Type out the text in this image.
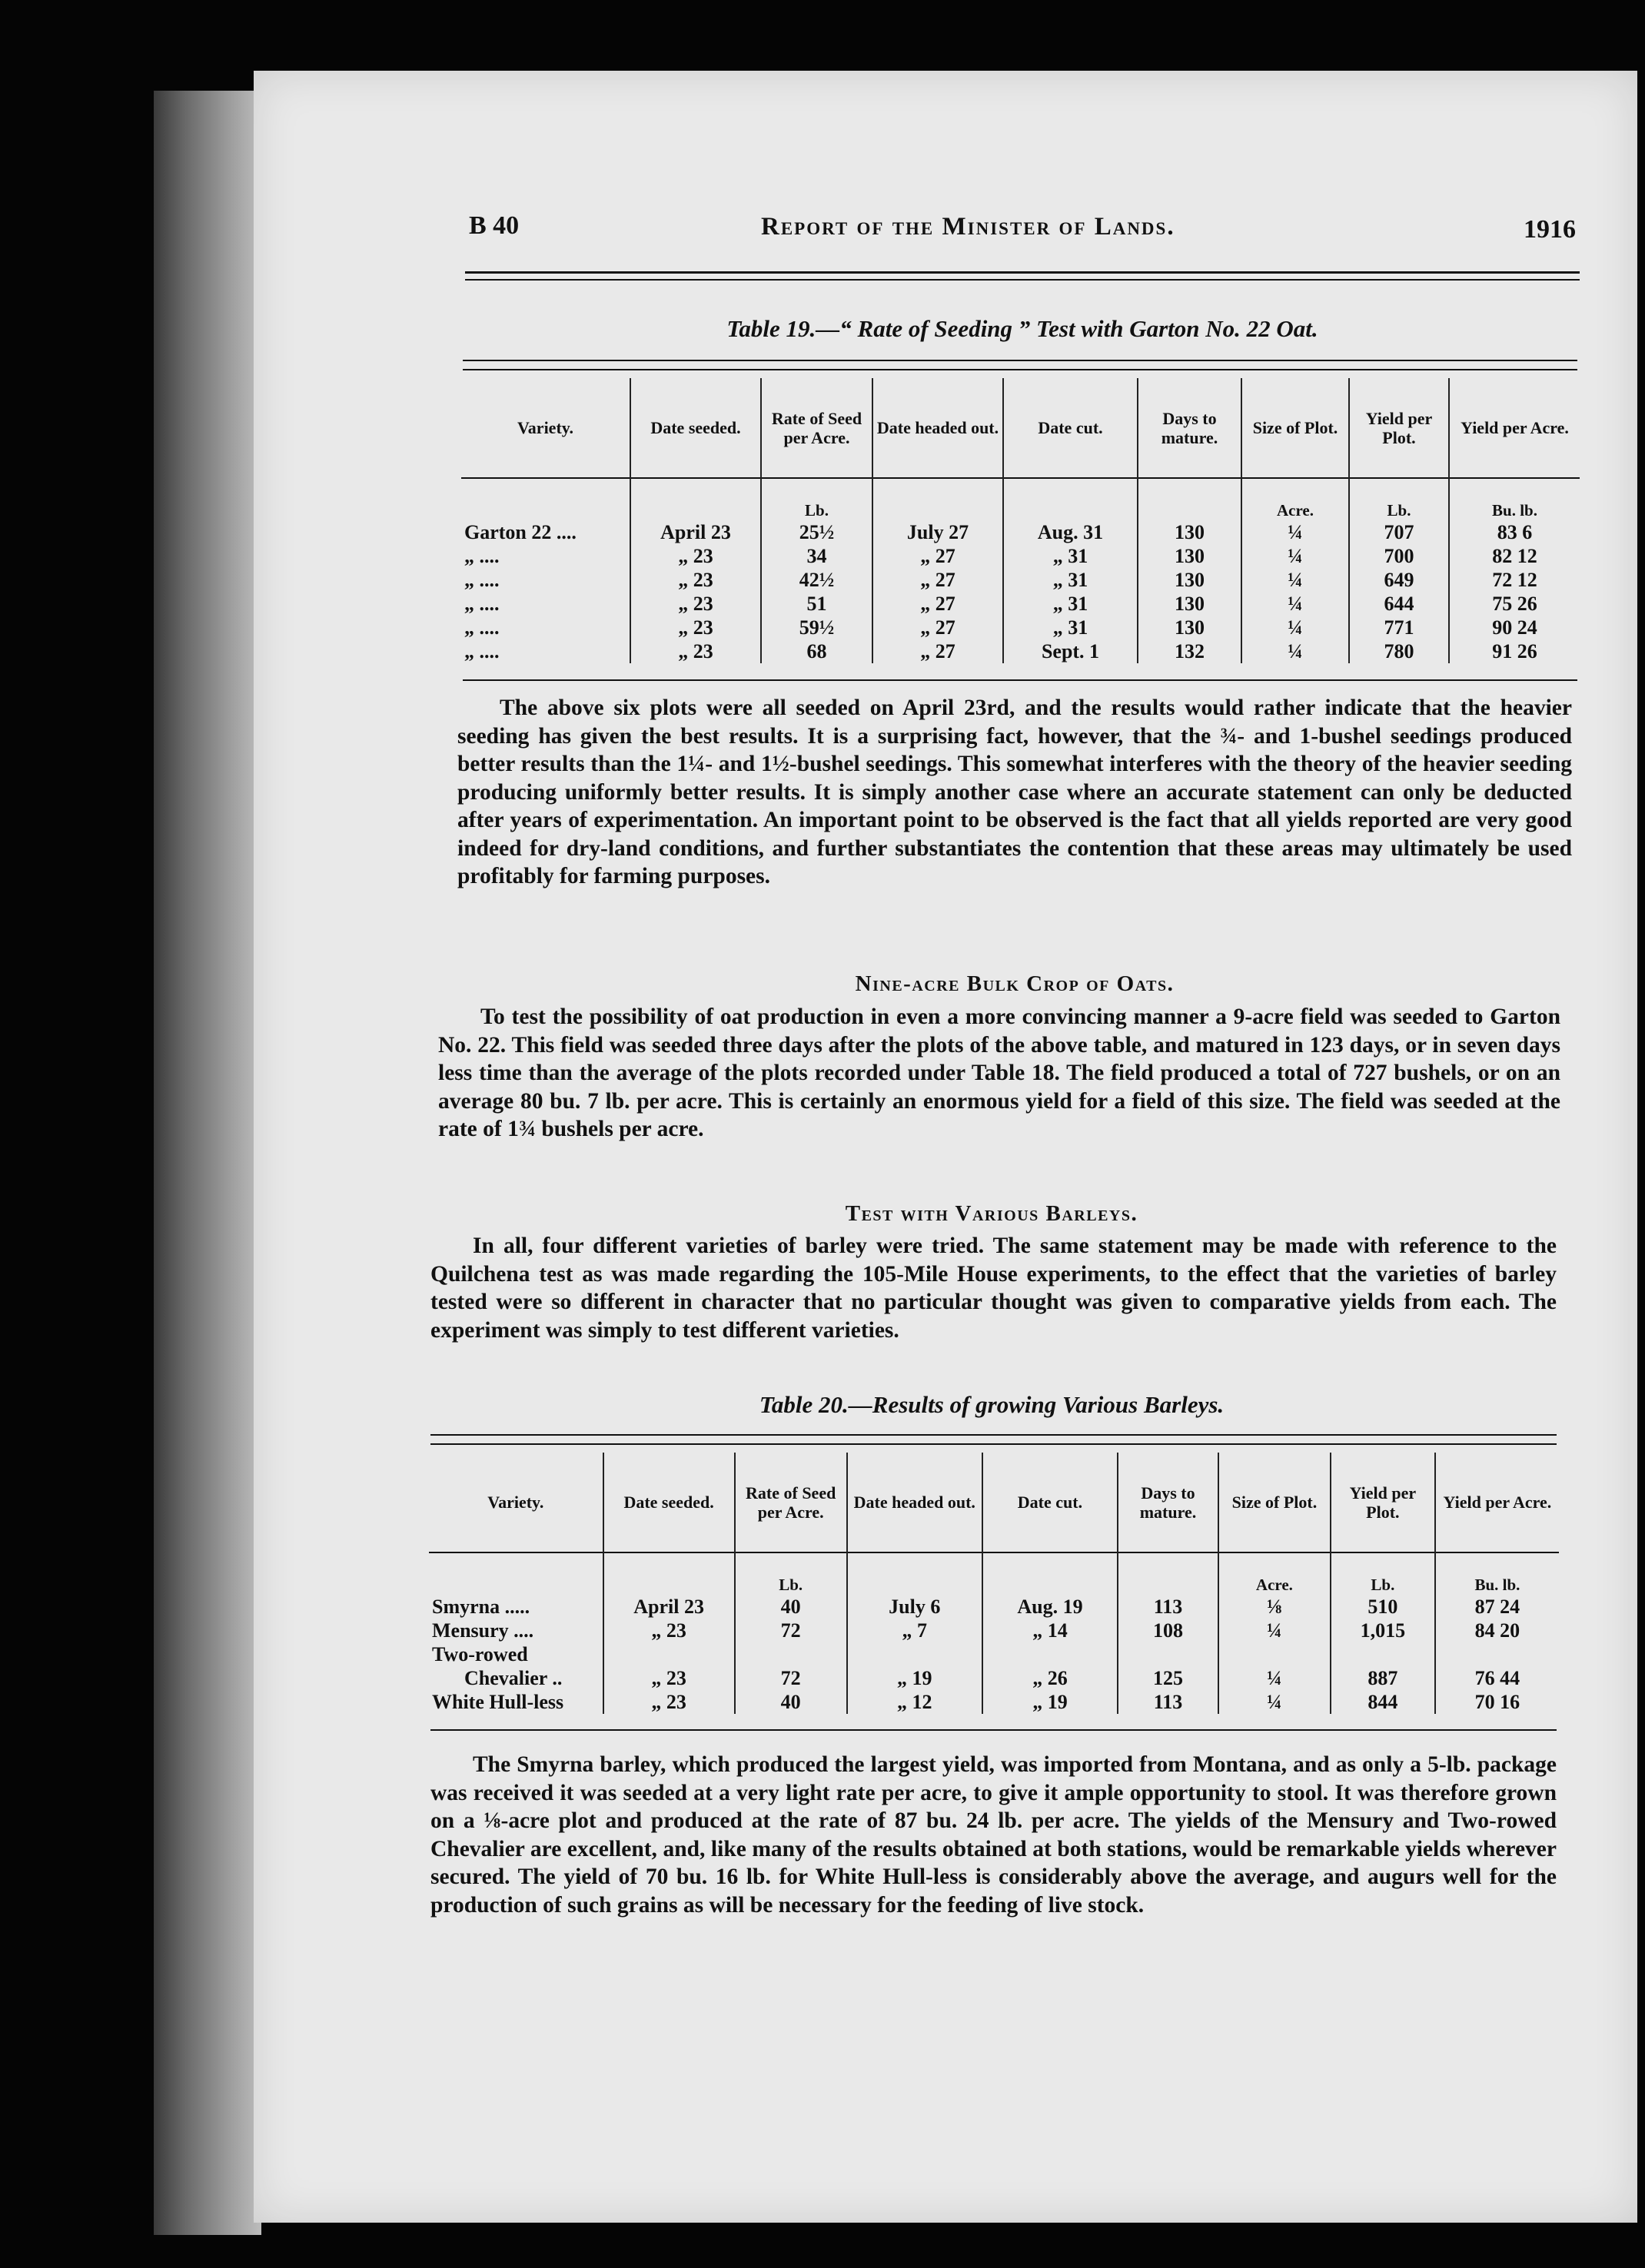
B 40	Report of the Minister of Lands.	1916
Table 19.—“ Rate of Seeding ” Test with Garton No. 22 Oat.
Variety.	Date seeded.	Rate of Seed per Acre.	Date headed out.	Date cut.	Days to mature.	Size of Plot.	Yield per Plot.	Yield per Acre.
		Lb.				Acre.	Lb.	Bu. lb.
Garton 22 ....	April 23	25½	July 27	Aug. 31	130	¼	707	83 6
„ ....	„ 23	34	„ 27	„ 31	130	¼	700	82 12
„ ....	„ 23	42½	„ 27	„ 31	130	¼	649	72 12
„ ....	„ 23	51	„ 27	„ 31	130	¼	644	75 26
„ ....	„ 23	59½	„ 27	„ 31	130	¼	771	90 24
„ ....	„ 23	68	„ 27	Sept. 1	132	¼	780	91 26
The above six plots were all seeded on April 23rd, and the results would rather indicate that the heavier seeding has given the best results. It is a surprising fact, however, that the ¾- and 1-bushel seedings produced better results than the 1¼- and 1½-bushel seedings. This somewhat interferes with the theory of the heavier seeding producing uniformly better results. It is simply another case where an accurate statement can only be deducted after years of experimentation. An important point to be observed is the fact that all yields reported are very good indeed for dry-land conditions, and further substantiates the contention that these areas may ultimately be used profitably for farming purposes.
Nine-acre Bulk Crop of Oats.
To test the possibility of oat production in even a more convincing manner a 9-acre field was seeded to Garton No. 22. This field was seeded three days after the plots of the above table, and matured in 123 days, or in seven days less time than the average of the plots recorded under Table 18. The field produced a total of 727 bushels, or on an average 80 bu. 7 lb. per acre. This is certainly an enormous yield for a field of this size. The field was seeded at the rate of 1¾ bushels per acre.
Test with Various Barleys.
In all, four different varieties of barley were tried. The same statement may be made with reference to the Quilchena test as was made regarding the 105-Mile House experiments, to the effect that the varieties of barley tested were so different in character that no particular thought was given to comparative yields from each. The experiment was simply to test different varieties.
Table 20.—Results of growing Various Barleys.
Variety.	Date seeded.	Rate of Seed per Acre.	Date headed out.	Date cut.	Days to mature.	Size of Plot.	Yield per Plot.	Yield per Acre.
		Lb.				Acre.	Lb.	Bu. lb.
Smyrna .....	April 23	40	July 6	Aug. 19	113	⅛	510	87 24
Mensury ....	„ 23	72	„ 7	„ 14	108	¼	1,015	84 20
Two-rowed								
Chevalier ..	„ 23	72	„ 19	„ 26	125	¼	887	76 44
White Hull-less	„ 23	40	„ 12	„ 19	113	¼	844	70 16
The Smyrna barley, which produced the largest yield, was imported from Montana, and as only a 5-lb. package was received it was seeded at a very light rate per acre, to give it ample opportunity to stool. It was therefore grown on a ⅛-acre plot and produced at the rate of 87 bu. 24 lb. per acre. The yields of the Mensury and Two-rowed Chevalier are excellent, and, like many of the results obtained at both stations, would be remarkable yields wherever secured. The yield of 70 bu. 16 lb. for White Hull-less is considerably above the average, and augurs well for the production of such grains as will be necessary for the feeding of live stock.
